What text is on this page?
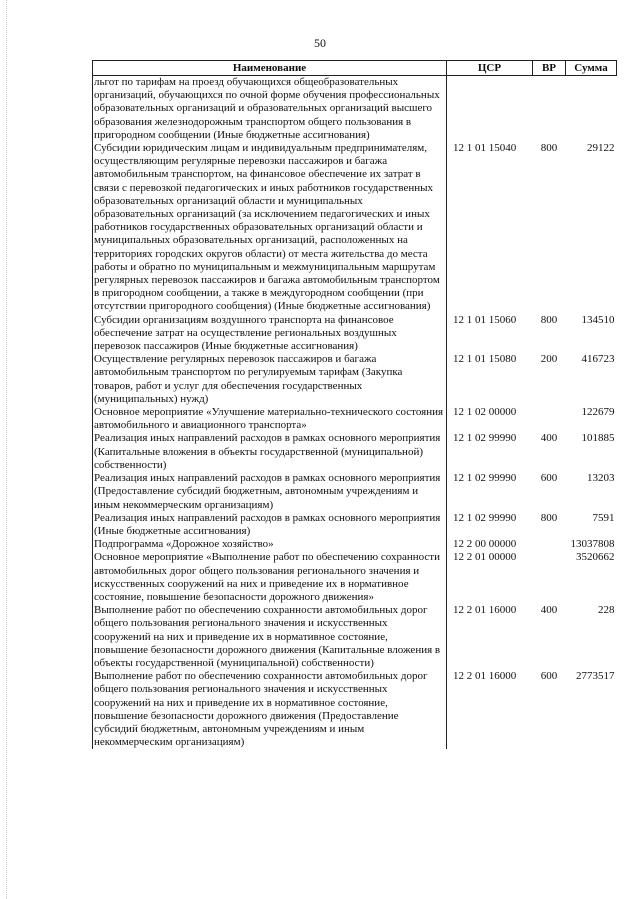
50
Наименование	ЦСР	ВР	Сумма
льгот по тарифам на проезд обучающихся общеобразовательных организаций, обучающихся по очной форме обучения профессиональных образовательных организаций и образовательных организаций высшего образования железнодорожным транспортом общего пользования в пригородном сообщении (Иные бюджетные ассигнования)			
Субсидии юридическим лицам и индивидуальным предпринимателям, осуществляющим регулярные перевозки пассажиров и багажа автомобильным транспортом, на финансовое обеспечение их затрат в связи с перевозкой педагогических и иных работников государственных образовательных организаций области и муниципальных образовательных организаций (за исключением педагогических и иных работников государственных образовательных организаций области и муниципальных образовательных организаций, расположенных на территориях городских округов области) от места жительства до места работы и обратно по муниципальным и межмуниципальным маршрутам регулярных перевозок пассажиров и багажа автомобильным транспортом в пригородном сообщении, а также в междугородном сообщении (при отсутствии пригородного сообщения) (Иные бюджетные ассигнования)	12 1 01 15040	800	29122
Субсидии организациям воздушного транспорта на финансовое обеспечение затрат на осуществление региональных воздушных перевозок пассажиров (Иные бюджетные ассигнования)	12 1 01 15060	800	134510
Осуществление регулярных перевозок пассажиров и багажа автомобильным транспортом по регулируемым тарифам (Закупка товаров, работ и услуг для обеспечения государственных (муниципальных) нужд)	12 1 01 15080	200	416723
Основное мероприятие «Улучшение материально-технического состояния автомобильного и авиационного транспорта»	12 1 02 00000		122679
Реализация иных направлений расходов в рамках основного мероприятия (Капитальные вложения в объекты государственной (муниципальной) собственности)	12 1 02 99990	400	101885
Реализация иных направлений расходов в рамках основного мероприятия (Предоставление субсидий бюджетным, автономным учреждениям и иным некоммерческим организациям)	12 1 02 99990	600	13203
Реализация иных направлений расходов в рамках основного мероприятия (Иные бюджетные ассигнования)	12 1 02 99990	800	7591
Подпрограмма «Дорожное хозяйство»	12 2 00 00000		13037808
Основное мероприятие «Выполнение работ по обеспечению сохранности автомобильных дорог общего пользования регионального значения и искусственных сооружений на них и приведение их в нормативное состояние, повышение безопасности дорожного движения»	12 2 01 00000		3520662
Выполнение работ по обеспечению сохранности автомобильных дорог общего пользования регионального значения и искусственных сооружений на них и приведение их в нормативное состояние, повышение безопасности дорожного движения (Капитальные вложения в объекты государственной (муниципальной) собственности)	12 2 01 16000	400	228
Выполнение работ по обеспечению сохранности автомобильных дорог общего пользования регионального значения и искусственных сооружений на них и приведение их в нормативное состояние, повышение безопасности дорожного движения (Предоставление субсидий бюджетным, автономным учреждениям и иным некоммерческим организациям)	12 2 01 16000	600	2773517
